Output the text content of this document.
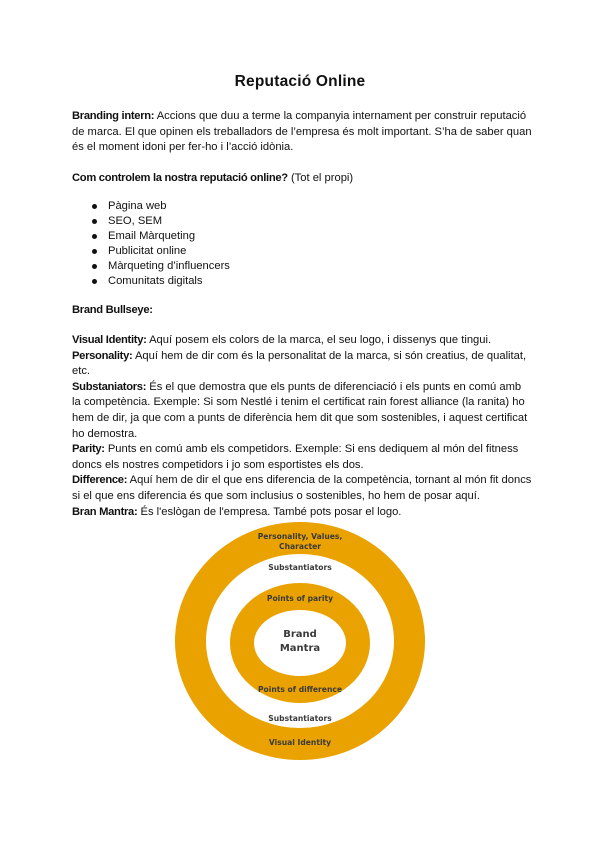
Reputació Online
Branding intern: Accions que duu a terme la companyia internament per construir reputació de marca. El que opinen els treballadors de l’empresa és molt important. S’ha de saber quan és el moment idoni per fer-ho i l’acció idònia.
Com controlem la nostra reputació online? (Tot el propi)
Pàgina web
SEO, SEM
Email Màrqueting
Publicitat online
Màrqueting d’influencers
Comunitats digitals
Brand Bullseye:
Visual Identity: Aquí posem els colors de la marca, el seu logo, i dissenys que tingui.
Personality: Aquí hem de dir com és la personalitat de la marca, si són creatius, de qualitat, etc.
Substaniators: És el que demostra que els punts de diferenciació i els punts en comú amb la competència. Exemple: Si som Nestlé i tenim el certificat rain forest alliance (la ranita) ho hem de dir, ja que com a punts de diferència hem dit que som sostenibles, i aquest certificat ho demostra.
Parity: Punts en comú amb els competidors. Exemple: Si ens dediquem al món del fitness doncs els nostres competidors i jo som esportistes els dos.
Difference: Aquí hem de dir el que ens diferencia de la competència, tornant al món fit doncs si el que ens diferencia és que som inclusius o sostenibles, ho hem de posar aquí.
Bran Mantra: És l'eslògan de l'empresa. També pots posar el logo.
Personality, Values,
Character
Substantiators
Points of parity
Brand
Mantra
Points of difference
Substantiators
Visual Identity
